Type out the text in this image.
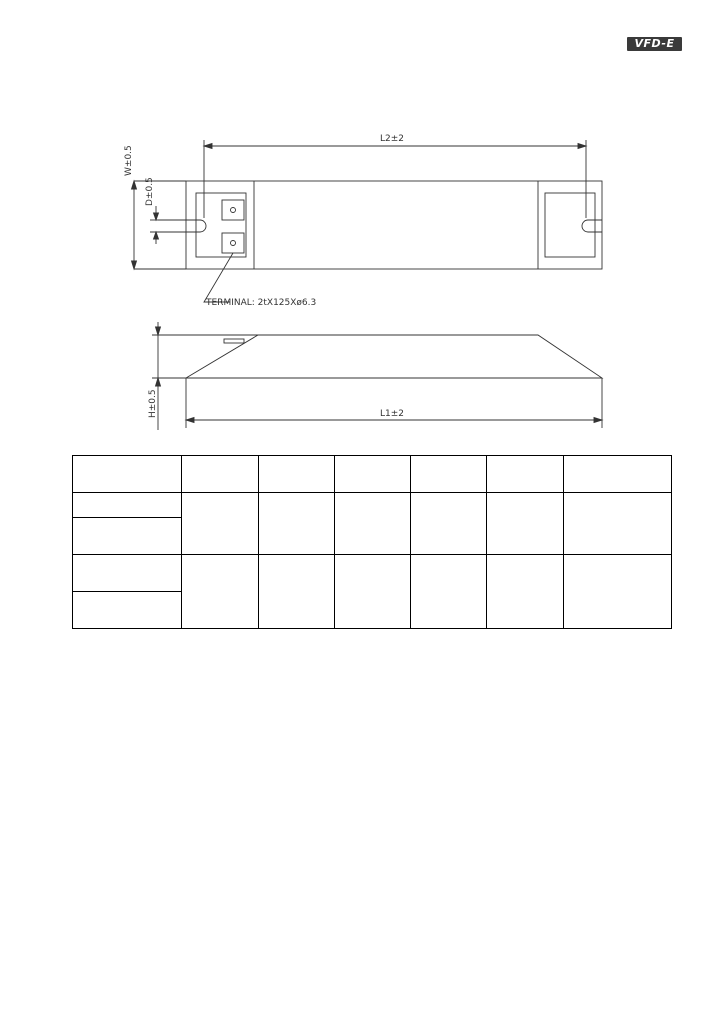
VFD-E
L2±2
W±0.5
D±0.5
TERMINAL: 2tX125Xø6.3
H±0.5	L1±2
